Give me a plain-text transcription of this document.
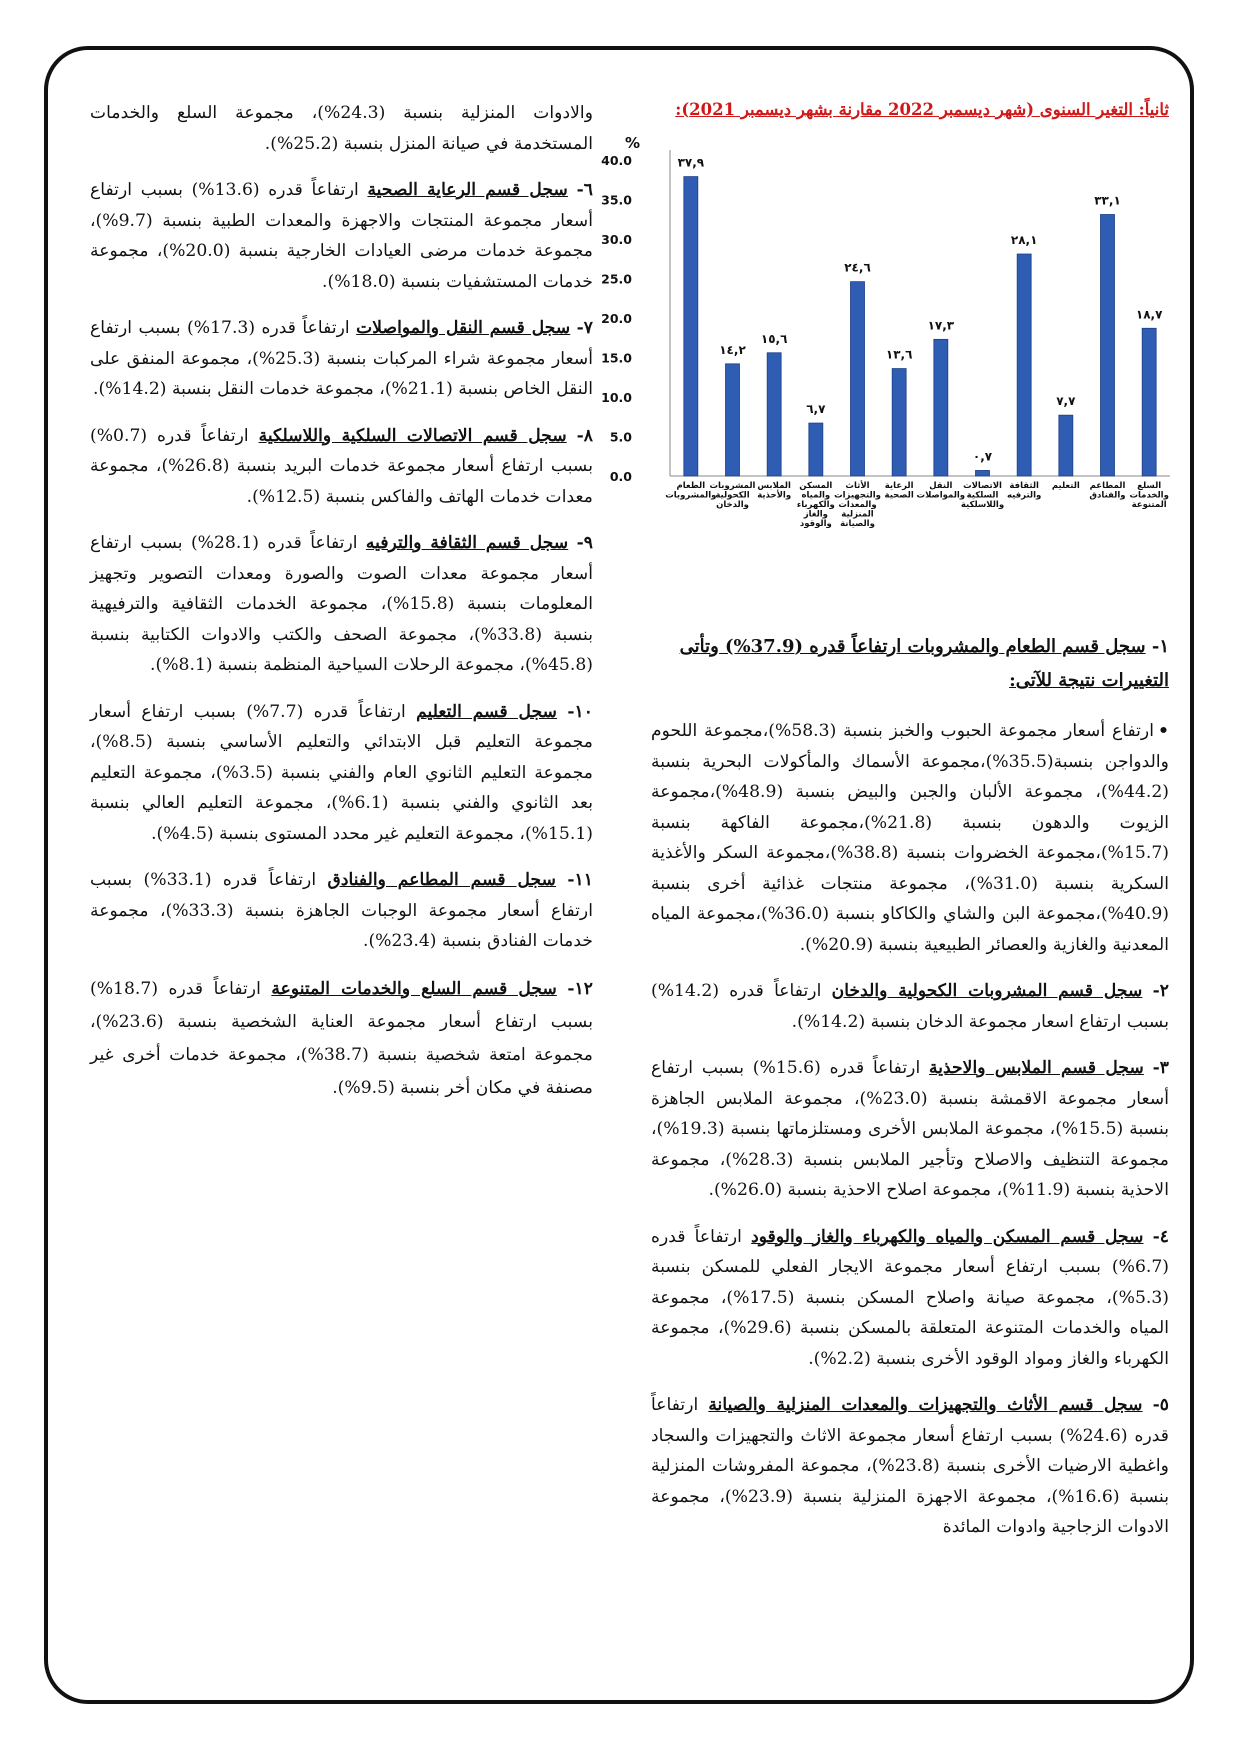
ثانياً: التغير السنوى (شهر ديسمبر 2022 مقارنة بشهر ديسمبر 2021):
%
40.0
35.0
30.0
25.0
20.0
15.0
10.0
5.0
0.0
٣٧,٩
الطعام والمشروبات
١٤,٢
المشروبات الكحولية والدخان
١٥,٦
الملابس والأحذية
٦,٧
المسكن والمياه والكهرباء والغاز والوقود
٢٤,٦
الأثاث والتجهيزات والمعدات المنزلية والصيانة
١٣,٦
الرعاية الصحية
١٧,٣
النقل والمواصلات
٠,٧
الاتصالات السلكية واللاسلكية
٢٨,١
الثقافة والترفيه
٧,٧
التعليم
٣٣,١
المطاعم والفنادق
١٨,٧
السلع والخدمات المتنوعة
١- سجل قسم الطعام والمشروبات ارتفاعاً قدره (37.9%) وتأتى
التغييرات نتيجة للآتى:
•ارتفاع أسعار مجموعة الحبوب والخبز بنسبة (58.3%)،مجموعة اللحوم والدواجن بنسبة(35.5%)،مجموعة الأسماك والمأكولات البحرية بنسبة (44.2%)، مجموعة الألبان والجبن والبيض بنسبة (48.9%)،مجموعة الزيوت والدهون بنسبة (21.8%)،مجموعة الفاكهة بنسبة (15.7%)،مجموعة الخضروات بنسبة (38.8%)،مجموعة السكر والأغذية السكرية بنسبة (31.0%)، مجموعة منتجات غذائية أخرى بنسبة (40.9%)،مجموعة البن والشاي والكاكاو بنسبة (36.0%)،مجموعة المياه المعدنية والغازية والعصائر الطبيعية بنسبة (20.9%).
٢- سجل قسم المشروبات الكحولية والدخان ارتفاعاً قدره (14.2%) بسبب ارتفاع اسعار مجموعة الدخان بنسبة (14.2%).
٣- سجل قسم الملابس والاحذية ارتفاعاً قدره (15.6%) بسبب ارتفاع أسعار مجموعة الاقمشة بنسبة (23.0%)، مجموعة الملابس الجاهزة بنسبة (15.5%)، مجموعة الملابس الأخرى ومستلزماتها بنسبة (19.3%)، مجموعة التنظيف والاصلاح وتأجير الملابس بنسبة (28.3%)، مجموعة الاحذية بنسبة (11.9%)، مجموعة اصلاح الاحذية بنسبة (26.0%).
٤- سجل قسم المسكن والمياه والكهرباء والغاز والوقود ارتفاعاً قدره (6.7%) بسبب ارتفاع أسعار مجموعة الايجار الفعلي للمسكن بنسبة (5.3%)، مجموعة صيانة واصلاح المسكن بنسبة (17.5%)، مجموعة المياه والخدمات المتنوعة المتعلقة بالمسكن بنسبة (29.6%)، مجموعة الكهرباء والغاز ومواد الوقود الأخرى بنسبة (2.2%).
٥- سجل قسم الأثاث والتجهيزات والمعدات المنزلية والصيانة ارتفاعاً قدره (24.6%) بسبب ارتفاع أسعار مجموعة الاثاث والتجهيزات والسجاد واغطية الارضيات الأخرى بنسبة (23.8%)، مجموعة المفروشات المنزلية بنسبة (16.6%)، مجموعة الاجهزة المنزلية بنسبة (23.9%)، مجموعة الادوات الزجاجية وادوات المائدة
والادوات المنزلية بنسبة (24.3%)، مجموعة السلع والخدمات المستخدمة في صيانة المنزل بنسبة (25.2%).
٦- سجل قسم الرعاية الصحية ارتفاعاً قدره (13.6%) بسبب ارتفاع أسعار مجموعة المنتجات والاجهزة والمعدات الطبية بنسبة (9.7%)، مجموعة خدمات مرضى العيادات الخارجية بنسبة (20.0%)، مجموعة خدمات المستشفيات بنسبة (18.0%).
٧- سجل قسم النقل والمواصلات ارتفاعاً قدره (17.3%) بسبب ارتفاع أسعار مجموعة شراء المركبات بنسبة (25.3%)، مجموعة المنفق على النقل الخاص بنسبة (21.1%)، مجموعة خدمات النقل بنسبة (14.2%).
٨- سجل قسم الاتصالات السلكية واللاسلكية ارتفاعاً قدره (0.7%) بسبب ارتفاع أسعار مجموعة خدمات البريد بنسبة (26.8%)، مجموعة معدات خدمات الهاتف والفاكس بنسبة (12.5%).
٩- سجل قسم الثقافة والترفيه ارتفاعاً قدره (28.1%) بسبب ارتفاع أسعار مجموعة معدات الصوت والصورة ومعدات التصوير وتجهيز المعلومات بنسبة (15.8%)، مجموعة الخدمات الثقافية والترفيهية بنسبة (33.8%)، مجموعة الصحف والكتب والادوات الكتابية بنسبة (45.8%)، مجموعة الرحلات السياحية المنظمة بنسبة (8.1%).
١٠- سجل قسم التعليم ارتفاعاً قدره (7.7%) بسبب ارتفاع أسعار مجموعة التعليم قبل الابتدائي والتعليم الأساسي بنسبة (8.5%)، مجموعة التعليم الثانوي العام والفني بنسبة (3.5%)، مجموعة التعليم بعد الثانوي والفني بنسبة (6.1%)، مجموعة التعليم العالي بنسبة (15.1%)، مجموعة التعليم غير محدد المستوى بنسبة (4.5%).
١١- سجل قسم المطاعم والفنادق ارتفاعاً قدره (33.1%) بسبب ارتفاع أسعار مجموعة الوجبات الجاهزة بنسبة (33.3%)، مجموعة خدمات الفنادق بنسبة (23.4%).
١٢- سجل قسم السلع والخدمات المتنوعة ارتفاعاً قدره (18.7%) بسبب ارتفاع أسعار مجموعة العناية الشخصية بنسبة (23.6%)، مجموعة امتعة شخصية بنسبة (38.7%)، مجموعة خدمات أخرى غير مصنفة في مكان أخر بنسبة (9.5%).
